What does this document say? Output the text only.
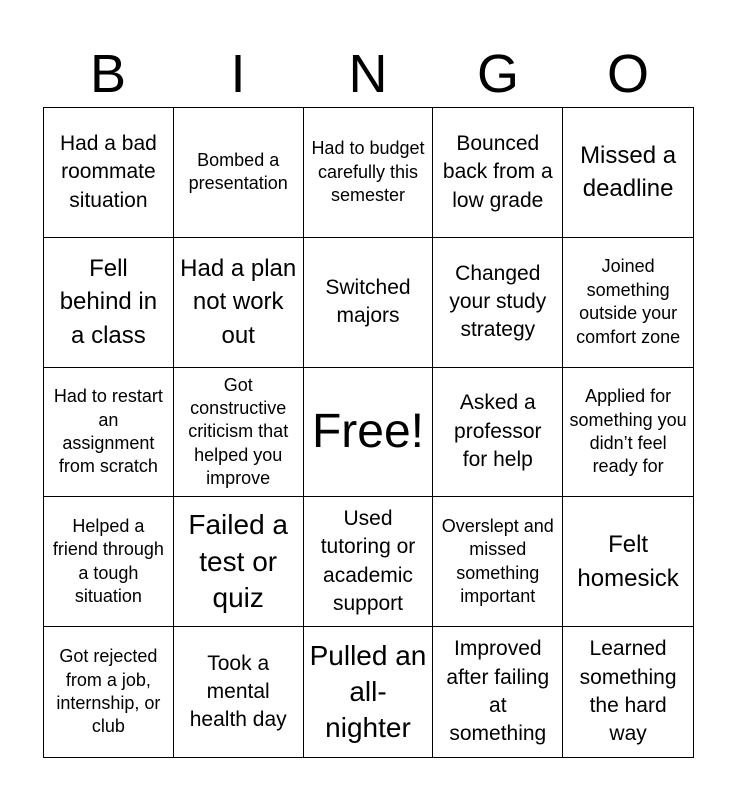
B	I	N	G	O
Had a bad roommate situation
Bombed a presentation
Had to budget carefully this semester
Bounced back from a low grade
Missed a deadline
Fell behind in a class
Had a plan not work out
Switched majors
Changed your study strategy
Joined something outside your comfort zone
Had to restart an assignment from scratch
Got constructive criticism that helped you improve
Free!
Asked a professor for help
Applied for something you didn’t feel ready for
Helped a friend through a tough situation
Failed a test or quiz
Used tutoring or academic support
Overslept and missed something important
Felt homesick
Got rejected from a job, internship, or club
Took a mental health day
Pulled an all-nighter
Improved after failing at something
Learned something the hard way
